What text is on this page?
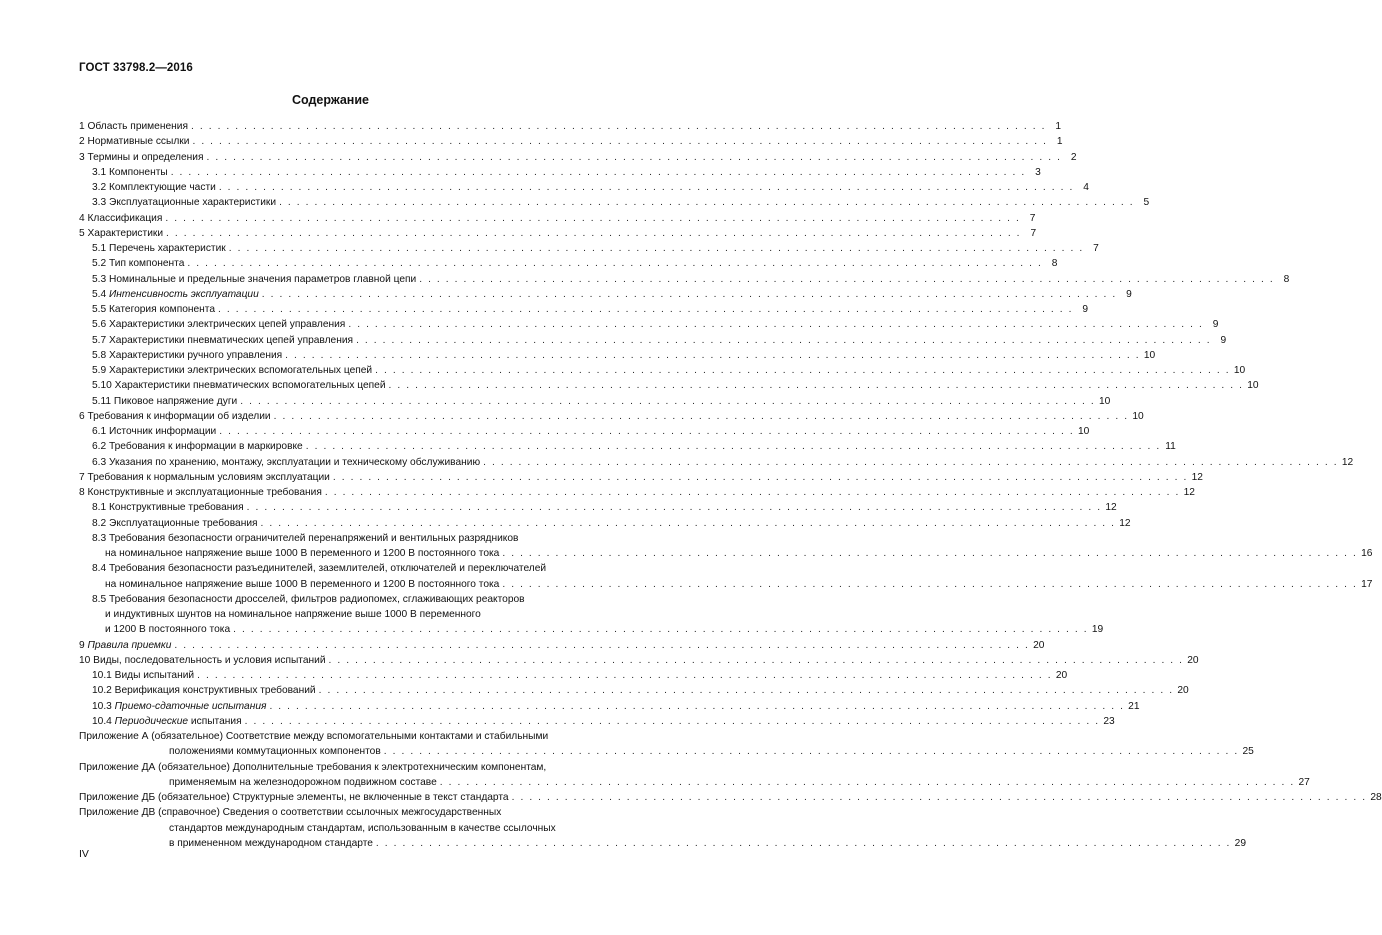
ГОСТ 33798.2—2016
Содержание
1 Область применения . . . . . . . . . . . . . . . . . . . . . . . . . . . . . . . . . . . . . . . . . . . . . . . . . . . . . . . . . . . . . . . . . . . . . . . . . . . . . . . . . . . . . . . . . . . . . . . . . 1
2 Нормативные ссылки . . . . . . . . . . . . . . . . . . . . . . . . . . . . . . . . . . . . . . . . . . . . . . . . . . . . . . . . . . . . . . . . . . . . . . . . . . . . . . . . . . . . . . . . . . . . . . . . . 1
3 Термины и определения . . . . . . . . . . . . . . . . . . . . . . . . . . . . . . . . . . . . . . . . . . . . . . . . . . . . . . . . . . . . . . . . . . . . . . . . . . . . . . . . . . . . . . . . . . . . . . . . . 2
3.1 Компоненты . . . . . . . . . . . . . . . . . . . . . . . . . . . . . . . . . . . . . . . . . . . . . . . . . . . . . . . . . . . . . . . . . . . . . . . . . . . . . . . . . . . . . . . . . . . . . . . . . 3
3.2 Комплектующие части . . . . . . . . . . . . . . . . . . . . . . . . . . . . . . . . . . . . . . . . . . . . . . . . . . . . . . . . . . . . . . . . . . . . . . . . . . . . . . . . . . . . . . . . . . . . . . . . . 4
3.3 Эксплуатационные характеристики . . . . . . . . . . . . . . . . . . . . . . . . . . . . . . . . . . . . . . . . . . . . . . . . . . . . . . . . . . . . . . . . . . . . . . . . . . . . . . . . . . . . . . . . . . . . . . . . . 5
4 Классификация . . . . . . . . . . . . . . . . . . . . . . . . . . . . . . . . . . . . . . . . . . . . . . . . . . . . . . . . . . . . . . . . . . . . . . . . . . . . . . . . . . . . . . . . . . . . . . . . . 7
5 Характеристики . . . . . . . . . . . . . . . . . . . . . . . . . . . . . . . . . . . . . . . . . . . . . . . . . . . . . . . . . . . . . . . . . . . . . . . . . . . . . . . . . . . . . . . . . . . . . . . . . 7
5.1 Перечень характеристик . . . . . . . . . . . . . . . . . . . . . . . . . . . . . . . . . . . . . . . . . . . . . . . . . . . . . . . . . . . . . . . . . . . . . . . . . . . . . . . . . . . . . . . . . . . . . . . . . 7
5.2 Тип компонента . . . . . . . . . . . . . . . . . . . . . . . . . . . . . . . . . . . . . . . . . . . . . . . . . . . . . . . . . . . . . . . . . . . . . . . . . . . . . . . . . . . . . . . . . . . . . . . . . 8
5.3 Номинальные и предельные значения параметров главной цепи . . . . . . . . . . . . . . . . . . . . . . . . . . . . . . . . . . . . . . . . . . . . . . . . . . . . . . . . . . . . . . . . . . . . . . . . . . . . . . . . . . . . . . . . . . . . . . . . . 8
5.4 Интенсивность эксплуатации . . . . . . . . . . . . . . . . . . . . . . . . . . . . . . . . . . . . . . . . . . . . . . . . . . . . . . . . . . . . . . . . . . . . . . . . . . . . . . . . . . . . . . . . . . . . . . . . . 9
5.5 Категория компонента . . . . . . . . . . . . . . . . . . . . . . . . . . . . . . . . . . . . . . . . . . . . . . . . . . . . . . . . . . . . . . . . . . . . . . . . . . . . . . . . . . . . . . . . . . . . . . . . . 9
5.6 Характеристики электрических цепей управления . . . . . . . . . . . . . . . . . . . . . . . . . . . . . . . . . . . . . . . . . . . . . . . . . . . . . . . . . . . . . . . . . . . . . . . . . . . . . . . . . . . . . . . . . . . . . . . . . 9
5.7 Характеристики пневматических цепей управления . . . . . . . . . . . . . . . . . . . . . . . . . . . . . . . . . . . . . . . . . . . . . . . . . . . . . . . . . . . . . . . . . . . . . . . . . . . . . . . . . . . . . . . . . . . . . . . . . 9
5.8 Характеристики ручного управления . . . . . . . . . . . . . . . . . . . . . . . . . . . . . . . . . . . . . . . . . . . . . . . . . . . . . . . . . . . . . . . . . . . . . . . . . . . . . . . . . . . . . . . . . . . . . . . . . 10
5.9 Характеристики электрических вспомогательных цепей . . . . . . . . . . . . . . . . . . . . . . . . . . . . . . . . . . . . . . . . . . . . . . . . . . . . . . . . . . . . . . . . . . . . . . . . . . . . . . . . . . . . . . . . . . . . . . . . . 10
5.10 Характеристики пневматических вспомогательных цепей . . . . . . . . . . . . . . . . . . . . . . . . . . . . . . . . . . . . . . . . . . . . . . . . . . . . . . . . . . . . . . . . . . . . . . . . . . . . . . . . . . . . . . . . . . . . . . . . . 10
5.11 Пиковое напряжение дуги . . . . . . . . . . . . . . . . . . . . . . . . . . . . . . . . . . . . . . . . . . . . . . . . . . . . . . . . . . . . . . . . . . . . . . . . . . . . . . . . . . . . . . . . . . . . . . . . . 10
6 Требования к информации об изделии . . . . . . . . . . . . . . . . . . . . . . . . . . . . . . . . . . . . . . . . . . . . . . . . . . . . . . . . . . . . . . . . . . . . . . . . . . . . . . . . . . . . . . . . . . . . . . . . . 10
6.1 Источник информации . . . . . . . . . . . . . . . . . . . . . . . . . . . . . . . . . . . . . . . . . . . . . . . . . . . . . . . . . . . . . . . . . . . . . . . . . . . . . . . . . . . . . . . . . . . . . . . . . 10
6.2 Требования к информации в маркировке . . . . . . . . . . . . . . . . . . . . . . . . . . . . . . . . . . . . . . . . . . . . . . . . . . . . . . . . . . . . . . . . . . . . . . . . . . . . . . . . . . . . . . . . . . . . . . . . . 11
6.3 Указания по хранению, монтажу, эксплуатации и техническому обслуживанию . . . . . . . . . . . . . . . . . . . . . . . . . . . . . . . . . . . . . . . . . . . . . . . . . . . . . . . . . . . . . . . . . . . . . . . . . . . . . . . . . . . . . . . . . . . . . . . . . 12
7 Требования к нормальным условиям эксплуатации . . . . . . . . . . . . . . . . . . . . . . . . . . . . . . . . . . . . . . . . . . . . . . . . . . . . . . . . . . . . . . . . . . . . . . . . . . . . . . . . . . . . . . . . . . . . . . . . . 12
8 Конструктивные и эксплуатационные требования . . . . . . . . . . . . . . . . . . . . . . . . . . . . . . . . . . . . . . . . . . . . . . . . . . . . . . . . . . . . . . . . . . . . . . . . . . . . . . . . . . . . . . . . . . . . . . . . . 12
8.1 Конструктивные требования . . . . . . . . . . . . . . . . . . . . . . . . . . . . . . . . . . . . . . . . . . . . . . . . . . . . . . . . . . . . . . . . . . . . . . . . . . . . . . . . . . . . . . . . . . . . . . . . . 12
8.2 Эксплуатационные требования . . . . . . . . . . . . . . . . . . . . . . . . . . . . . . . . . . . . . . . . . . . . . . . . . . . . . . . . . . . . . . . . . . . . . . . . . . . . . . . . . . . . . . . . . . . . . . . . . 12
8.3 Требования безопасности ограничителей перенапряжений и вентильных разрядников
на номинальное напряжение выше 1000 В переменного и 1200 В постоянного тока . . . . . . . . . . . . . . . . . . . . . . . . . . . . . . . . . . . . . . . . . . . . . . . . . . . . . . . . . . . . . . . . . . . . . . . . . . . . . . . . . . . . . . . . . . . . . . . . . 16
8.4 Требования безопасности разъединителей, заземлителей, отключателей и переключателей
на номинальное напряжение выше 1000 В переменного и 1200 В постоянного тока . . . . . . . . . . . . . . . . . . . . . . . . . . . . . . . . . . . . . . . . . . . . . . . . . . . . . . . . . . . . . . . . . . . . . . . . . . . . . . . . . . . . . . . . . . . . . . . . . 17
8.5 Требования безопасности дросселей, фильтров радиопомех, сглаживающих реакторов
и индуктивных шунтов на номинальное напряжение выше 1000 В переменного
и 1200 В постоянного тока . . . . . . . . . . . . . . . . . . . . . . . . . . . . . . . . . . . . . . . . . . . . . . . . . . . . . . . . . . . . . . . . . . . . . . . . . . . . . . . . . . . . . . . . . . . . . . . . . 19
9 Правила приемки . . . . . . . . . . . . . . . . . . . . . . . . . . . . . . . . . . . . . . . . . . . . . . . . . . . . . . . . . . . . . . . . . . . . . . . . . . . . . . . . . . . . . . . . . . . . . . . . . 20
10 Виды, последовательность и условия испытаний . . . . . . . . . . . . . . . . . . . . . . . . . . . . . . . . . . . . . . . . . . . . . . . . . . . . . . . . . . . . . . . . . . . . . . . . . . . . . . . . . . . . . . . . . . . . . . . . . 20
10.1 Виды испытаний . . . . . . . . . . . . . . . . . . . . . . . . . . . . . . . . . . . . . . . . . . . . . . . . . . . . . . . . . . . . . . . . . . . . . . . . . . . . . . . . . . . . . . . . . . . . . . . . . 20
10.2 Верификация конструктивных требований . . . . . . . . . . . . . . . . . . . . . . . . . . . . . . . . . . . . . . . . . . . . . . . . . . . . . . . . . . . . . . . . . . . . . . . . . . . . . . . . . . . . . . . . . . . . . . . . . 20
10.3 Приемо-сдаточные испытания . . . . . . . . . . . . . . . . . . . . . . . . . . . . . . . . . . . . . . . . . . . . . . . . . . . . . . . . . . . . . . . . . . . . . . . . . . . . . . . . . . . . . . . . . . . . . . . . . 21
10.4 Периодические испытания . . . . . . . . . . . . . . . . . . . . . . . . . . . . . . . . . . . . . . . . . . . . . . . . . . . . . . . . . . . . . . . . . . . . . . . . . . . . . . . . . . . . . . . . . . . . . . . . . 23
Приложение А (обязательное) Соответствие между вспомогательными контактами и стабильными
положениями коммутационных компонентов . . . . . . . . . . . . . . . . . . . . . . . . . . . . . . . . . . . . . . . . . . . . . . . . . . . . . . . . . . . . . . . . . . . . . . . . . . . . . . . . . . . . . . . . . . . . . . . . . 25
Приложение ДА (обязательное) Дополнительные требования к электротехническим компонентам,
применяемым на железнодорожном подвижном составе . . . . . . . . . . . . . . . . . . . . . . . . . . . . . . . . . . . . . . . . . . . . . . . . . . . . . . . . . . . . . . . . . . . . . . . . . . . . . . . . . . . . . . . . . . . . . . . . . 27
Приложение ДБ (обязательное) Структурные элементы, не включенные в текст стандарта . . . . . . . . . . . . . . . . . . . . . . . . . . . . . . . . . . . . . . . . . . . . . . . . . . . . . . . . . . . . . . . . . . . . . . . . . . . . . . . . . . . . . . . . . . . . . . . . . 28
Приложение ДВ (справочное) Сведения о соответствии ссылочных межгосударственных
стандартов международным стандартам, использованным в качестве ссылочных
в примененном международном стандарте . . . . . . . . . . . . . . . . . . . . . . . . . . . . . . . . . . . . . . . . . . . . . . . . . . . . . . . . . . . . . . . . . . . . . . . . . . . . . . . . . . . . . . . . . . . . . . . . . 29
IV
